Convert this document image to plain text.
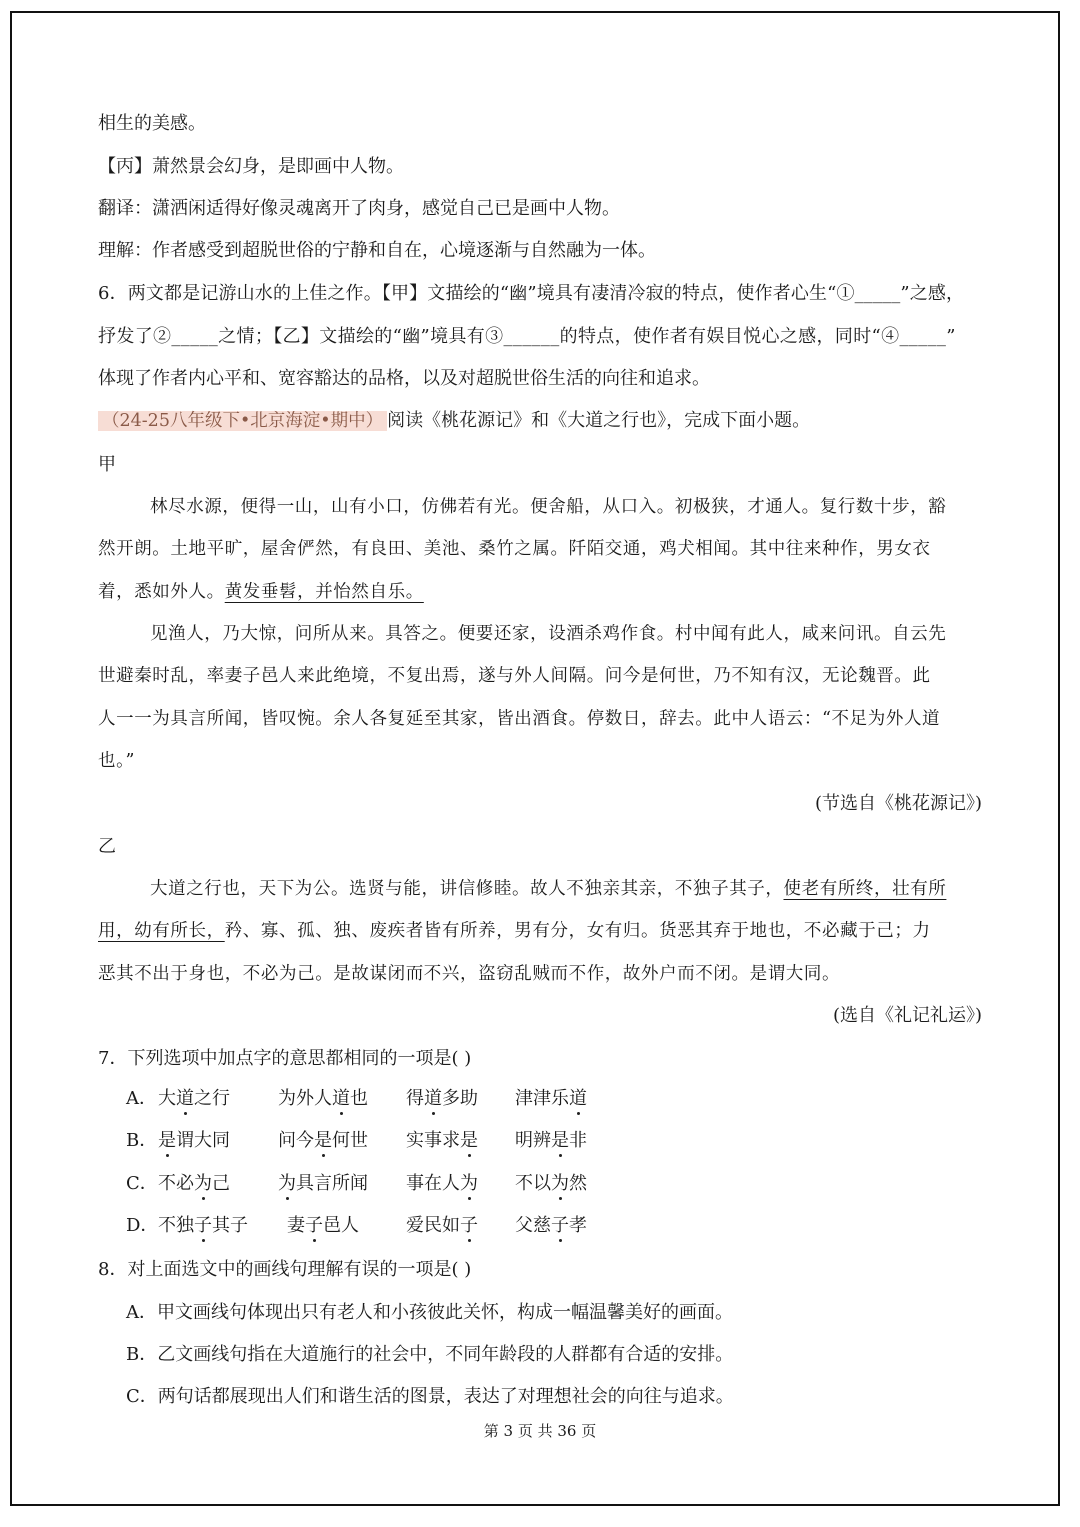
相生的美感。
【丙】萧然景会幻身，是即画中人物。
翻译：潇洒闲适得好像灵魂离开了肉身，感觉自己已是画中人物。
理解：作者感受到超脱世俗的宁静和自在，心境逐渐与自然融为一体。
6．两文都是记游山水的上佳之作。【甲】文描绘的“幽”境具有凄清冷寂的特点，使作者心生“①_____”之感，
抒发了②_____之情；【乙】文描绘的“幽”境具有③______的特点，使作者有娱目悦心之感，同时“④_____”
体现了作者内心平和、宽容豁达的品格，以及对超脱世俗生活的向往和追求。
（24-25八年级下•北京海淀•期中） 阅读《桃花源记》和《大道之行也》，完成下面小题。
甲
林尽水源，便得一山，山有小口，仿佛若有光。便舍船，从口入。初极狭，才通人。复行数十步，豁
然开朗。土地平旷，屋舍俨然，有良田、美池、桑竹之属。阡陌交通，鸡犬相闻。其中往来种作，男女衣
着，悉如外人。黄发垂髫，并怡然自乐。
见渔人，乃大惊，问所从来。具答之。便要还家，设酒杀鸡作食。村中闻有此人，咸来问讯。自云先
世避秦时乱，率妻子邑人来此绝境，不复出焉，遂与外人间隔。问今是何世，乃不知有汉，无论魏晋。此
人一一为具言所闻，皆叹惋。余人各复延至其家，皆出酒食。停数日，辞去。此中人语云：“不足为外人道
也。”
(节选自《桃花源记》)
乙
大道之行也，天下为公。选贤与能，讲信修睦。故人不独亲其亲，不独子其子，使老有所终，壮有所
用，幼有所长，矜、寡、孤、独、废疾者皆有所养，男有分，女有归。货恶其弃于地也，不必藏于己；力
恶其不出于身也，不必为己。是故谋闭而不兴，盗窃乱贼而不作，故外户而不闭。是谓大同。
(选自《礼记礼运》)
7．下列选项中加点字的意思都相同的一项是( )
A． 大道之行	为外人道也 得道多助 津津乐道
B． 是谓大同	问今是何世 实事求是 明辨是非
C． 不必为己	为具言所闻 事在人为 不以为然
D． 不独子其子 妻子邑人	爱民如子 父慈子孝
8．对上面选文中的画线句理解有误的一项是( )
A．甲文画线句体现出只有老人和小孩彼此关怀，构成一幅温馨美好的画面。
B．乙文画线句指在大道施行的社会中，不同年龄段的人群都有合适的安排。
C．两句话都展现出人们和谐生活的图景，表达了对理想社会的向往与追求。
第 3 页 共 36 页
